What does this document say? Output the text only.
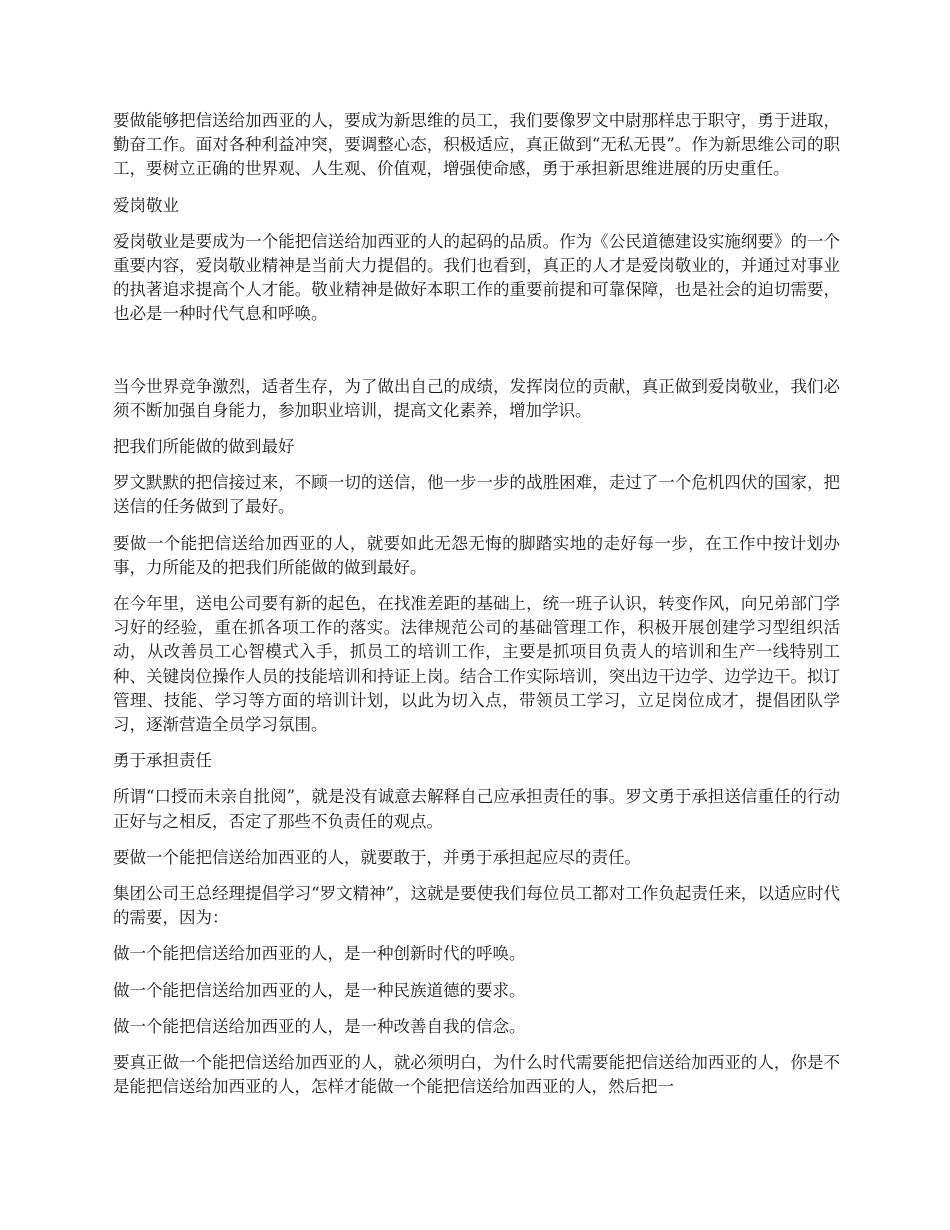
要做能够把信送给加西亚的人，要成为新思维的员工，我们要像罗文中尉那样忠于职守，勇于进取，勤奋工作。面对各种利益冲突，要调整心态，积极适应，真正做到“无私无畏”。作为新思维公司的职工，要树立正确的世界观、人生观、价值观，增强使命感，勇于承担新思维进展的历史重任。

爱岗敬业

爱岗敬业是要成为一个能把信送给加西亚的人的起码的品质。作为《公民道德建设实施纲要》的一个重要内容，爱岗敬业精神是当前大力提倡的。我们也看到，真正的人才是爱岗敬业的，并通过对事业的执著追求提高个人才能。敬业精神是做好本职工作的重要前提和可靠保障，也是社会的迫切需要，也必是一种时代气息和呼唤。

当今世界竞争激烈，适者生存，为了做出自己的成绩，发挥岗位的贡献，真正做到爱岗敬业，我们必须不断加强自身能力，参加职业培训，提高文化素养，增加学识。

把我们所能做的做到最好

罗文默默的把信接过来，不顾一切的送信，他一步一步的战胜困难，走过了一个危机四伏的国家，把送信的任务做到了最好。

要做一个能把信送给加西亚的人，就要如此无怨无悔的脚踏实地的走好每一步，在工作中按计划办事，力所能及的把我们所能做的做到最好。

在今年里，送电公司要有新的起色，在找准差距的基础上，统一班子认识，转变作风，向兄弟部门学习好的经验，重在抓各项工作的落实。法律规范公司的基础管理工作，积极开展创建学习型组织活动，从改善员工心智模式入手，抓员工的培训工作，主要是抓项目负责人的培训和生产一线特别工种、关键岗位操作人员的技能培训和持证上岗。结合工作实际培训，突出边干边学、边学边干。拟订管理、技能、学习等方面的培训计划，以此为切入点，带领员工学习，立足岗位成才，提倡团队学习，逐渐营造全员学习氛围。

勇于承担责任

所谓“口授而未亲自批阅”，就是没有诚意去解释自己应承担责任的事。罗文勇于承担送信重任的行动正好与之相反，否定了那些不负责任的观点。

要做一个能把信送给加西亚的人，就要敢于，并勇于承担起应尽的责任。

集团公司王总经理提倡学习“罗文精神”，这就是要使我们每位员工都对工作负起责任来，以适应时代的需要，因为：

做一个能把信送给加西亚的人，是一种创新时代的呼唤。

做一个能把信送给加西亚的人，是一种民族道德的要求。

做一个能把信送给加西亚的人，是一种改善自我的信念。

要真正做一个能把信送给加西亚的人，就必须明白，为什么时代需要能把信送给加西亚的人，你是不是能把信送给加西亚的人，怎样才能做一个能把信送给加西亚的人，然后把一
